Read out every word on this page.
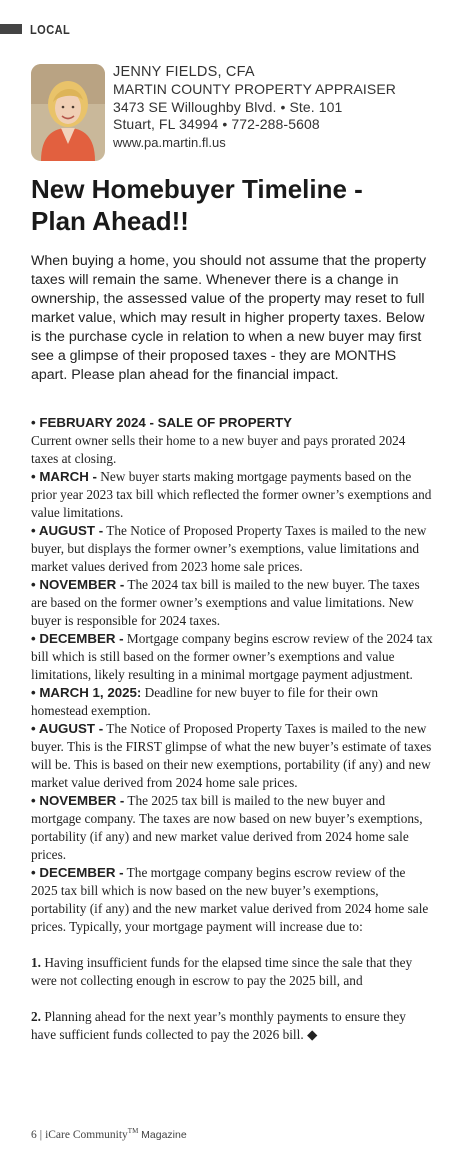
LOCAL
JENNY FIELDS, CFA
MARTIN COUNTY PROPERTY APPRAISER
3473 SE Willoughby Blvd. • Ste. 101
Stuart, FL 34994 • 772-288-5608
www.pa.martin.fl.us
New Homebuyer Timeline -
Plan Ahead!!
When buying a home, you should not assume that the property taxes will remain the same. Whenever there is a change in ownership, the assessed value of the property may reset to full market value, which may result in higher property taxes. Below is the purchase cycle in relation to when a new buyer may first see a glimpse of their proposed taxes - they are MONTHS apart. Please plan ahead for the financial impact.

• FEBRUARY 2024 - SALE OF PROPERTY
Current owner sells their home to a new buyer and pays prorated 2024 taxes at closing.

• MARCH - New buyer starts making mortgage payments based on the prior year 2023 tax bill which reflected the former owner’s exemptions and value limitations.

• AUGUST - The Notice of Proposed Property Taxes is mailed to the new buyer, but displays the former owner’s exemptions, value limitations and market values derived from 2023 home sale prices.

• NOVEMBER - The 2024 tax bill is mailed to the new buyer. The taxes are based on the former owner’s exemptions and value limitations. New buyer is responsible for 2024 taxes.

• DECEMBER - Mortgage company begins escrow review of the 2024 tax bill which is still based on the former owner’s exemptions and value limitations, likely resulting in a minimal mortgage payment adjustment.

• MARCH 1, 2025: Deadline for new buyer to file for their own homestead exemption.

• AUGUST - The Notice of Proposed Property Taxes is mailed to the new buyer. This is the FIRST glimpse of what the new buyer’s estimate of taxes will be. This is based on their new exemptions, portability (if any) and new market value derived from 2024 home sale prices.

• NOVEMBER - The 2025 tax bill is mailed to the new buyer and mortgage company. The taxes are now based on new buyer’s exemptions, portability (if any) and new market value derived from 2024 home sale prices.

• DECEMBER - The mortgage company begins escrow review of the 2025 tax bill which is now based on the new buyer’s exemptions, portability (if any) and the new market value derived from 2024 home sale prices. Typically, your mortgage payment will increase due to:

1. Having insufficient funds for the elapsed time since the sale that they were not collecting enough in escrow to pay the 2025 bill, and

2. Planning ahead for the next year’s monthly payments to ensure they have sufficient funds collected to pay the 2026 bill. ◆

6 | iCare Community™ Magazine
